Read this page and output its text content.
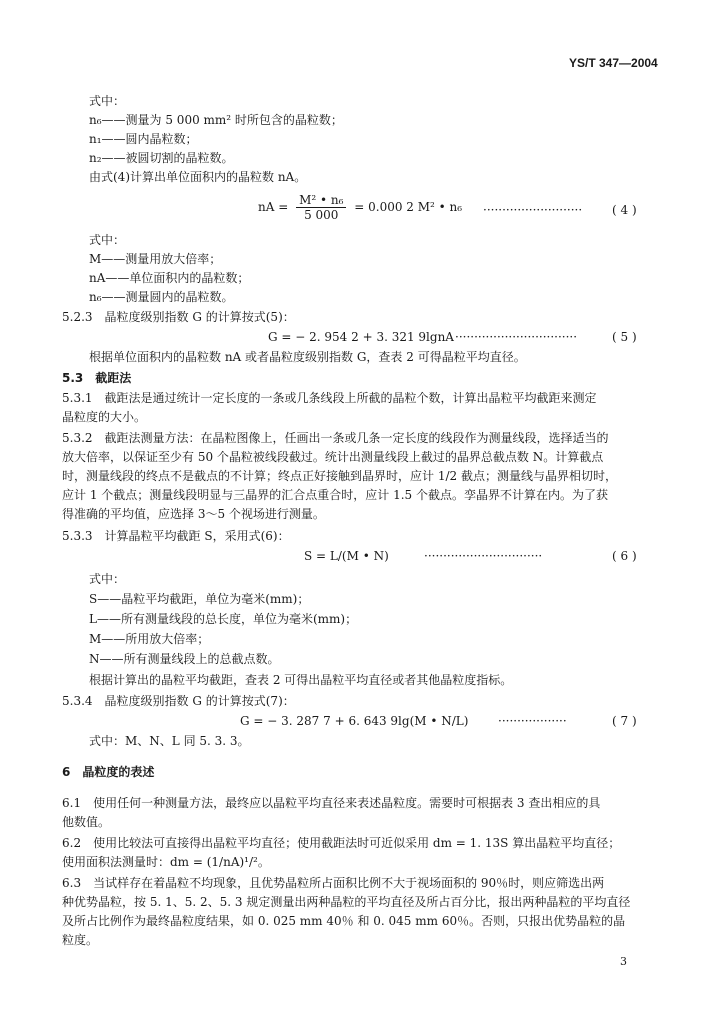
YS/T 347—2004
式中：
n₆——测量为 5 000 mm² 时所包含的晶粒数；
n₁——圆内晶粒数；
n₂——被圆切割的晶粒数。
由式(4)计算出单位面积内的晶粒数 nA。
nA = $\frac{\text{M² • n₆}}{5 000} = 0.000$ 2 M² • n₆ ··························	( 4 )
式中：
M——测量用放大倍率；
nA——单位面积内的晶粒数；
n₆——测量圆内的晶粒数。
5.2.3　晶粒度级别指数 G 的计算按式(5)：
G = − 2. 954 2 + 3. 321 9lgnA ································	( 5 )
根据单位面积内的晶粒数 nA 或者晶粒度级别指数 G，查表 2 可得晶粒平均直径。
5.3　截距法
5.3.1　截距法是通过统计一定长度的一条或几条线段上所截的晶粒个数，计算出晶粒平均截距来测定
晶粒度的大小。
5.3.2　截距法测量方法：在晶粒图像上，任画出一条或几条一定长度的线段作为测量线段，选择适当的
放大倍率，以保证至少有 50 个晶粒被线段截过。统计出测量线段上截过的晶界总截点数 N。计算截点
时，测量线段的终点不是截点的不计算；终点正好接触到晶界时，应计 1/2 截点；测量线与晶界相切时，
应计 1 个截点；测量线段明显与三晶界的汇合点重合时，应计 1.5 个截点。孪晶界不计算在内。为了获
得准确的平均值，应选择 3～5 个视场进行测量。
5.3.3　计算晶粒平均截距 S，采用式(6)：
S = L/(M • N)	·······························	( 6 )
式中：
S——晶粒平均截距，单位为毫米(mm)；
L——所有测量线段的总长度，单位为毫米(mm)；
M——所用放大倍率；
N——所有测量线段上的总截点数。
根据计算出的晶粒平均截距，查表 2 可得出晶粒平均直径或者其他晶粒度指标。
5.3.4　晶粒度级别指数 G 的计算按式(7)：
G = − 3. 287 7 + 6. 643 9lg(M • N/L) ··················	( 7 )
式中：M、N、L 同 5. 3. 3。
6　晶粒度的表述
6.1　使用任何一种测量方法，最终应以晶粒平均直径来表述晶粒度。需要时可根据表 3 查出相应的具
他数值。
6.2　使用比较法可直接得出晶粒平均直径；使用截距法时可近似采用 dm = 1. 13S 算出晶粒平均直径；
使用面积法测量时：dm = (1/nA)¹/²。
6.3　当试样存在着晶粒不均现象，且优势晶粒所占面积比例不大于视场面积的 90％时，则应筛选出两
种优势晶粒，按 5. 1、5. 2、5. 3 规定测量出两种晶粒的平均直径及所占百分比，报出两种晶粒的平均直径
及所占比例作为最终晶粒度结果，如 0. 025 mm 40％ 和 0. 045 mm 60％。否则，只报出优势晶粒的晶
粒度。
3
